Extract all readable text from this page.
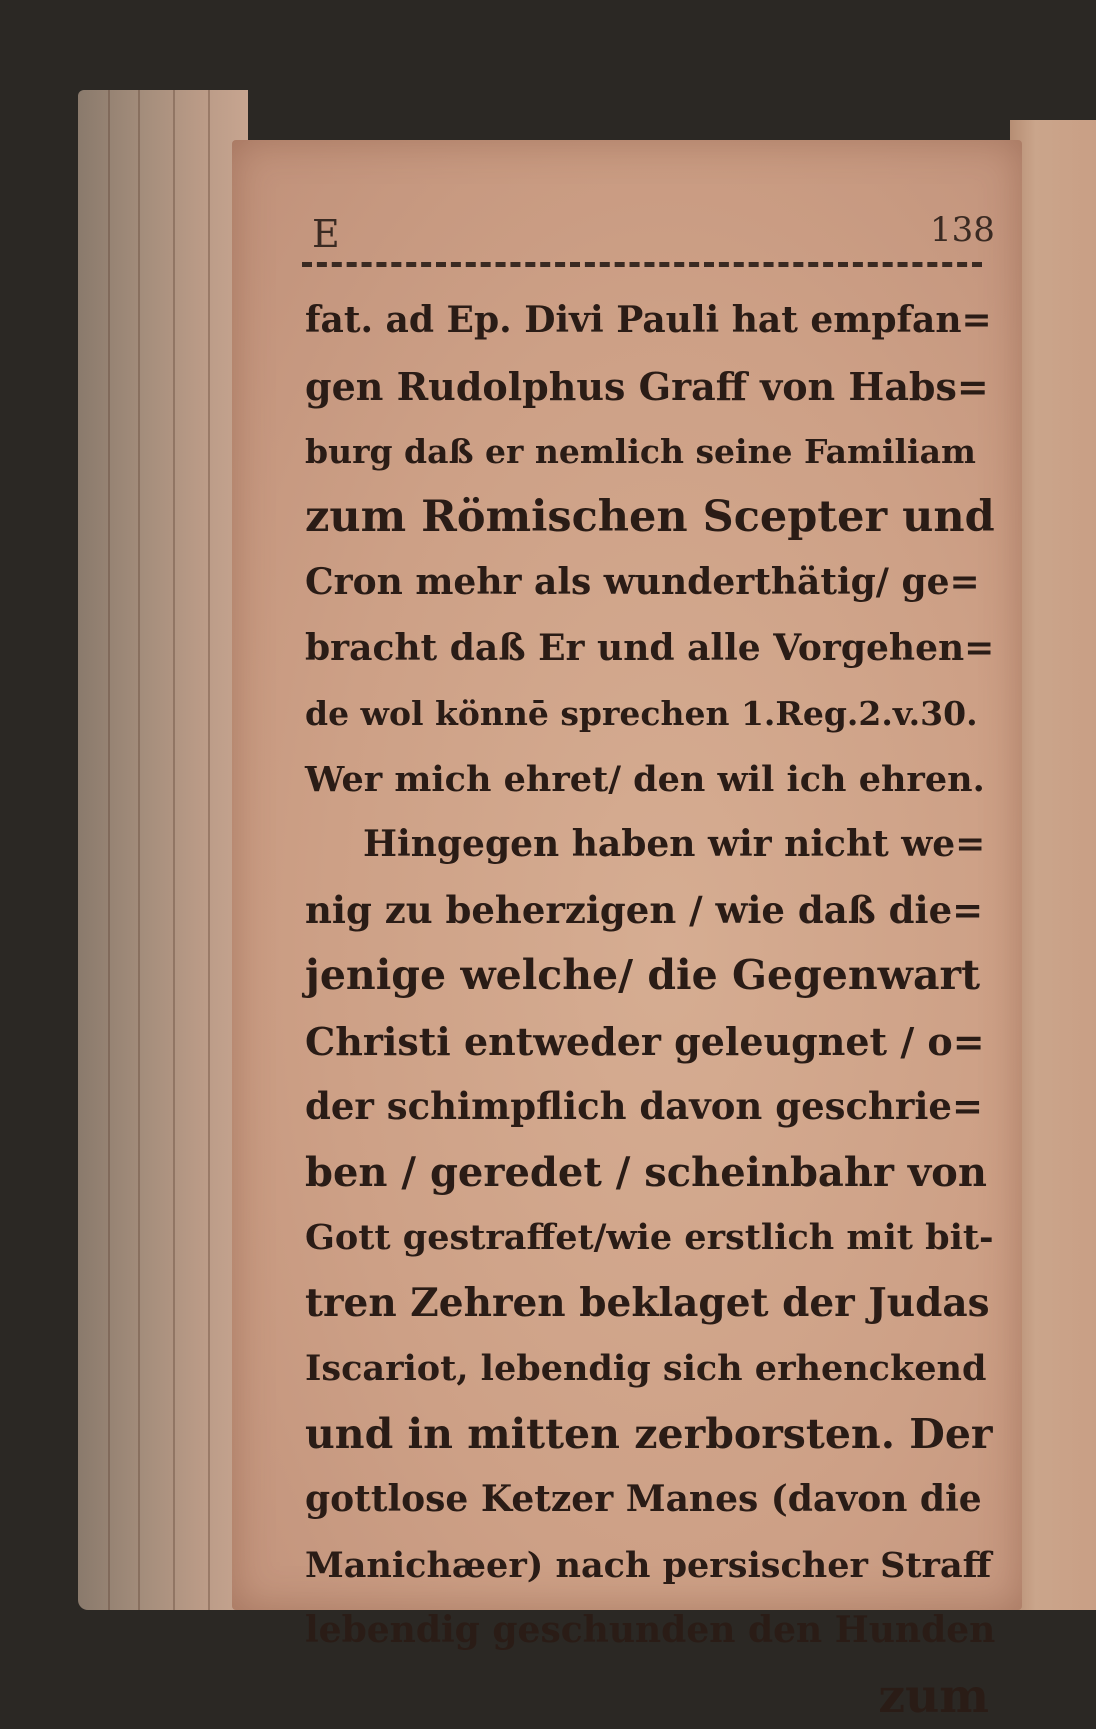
E	138
fat. ad Ep. Divi Pauli hat empfan=
gen Rudolphus Graff von Habs=
burg daß er nemlich seine Familiam
zum Römischen Scepter und
Cron mehr als wunderthätig/ ge=
bracht daß Er und alle Vorgehen=
de wol könnē sprechen 1.Reg.2.v.30.
Wer mich ehret/ den wil ich ehren.
Hingegen haben wir nicht we=
nig zu beherzigen / wie daß die=
jenige welche/ die Gegenwart
Christi entweder geleugnet / o=
der schimpflich davon geschrie=
ben / geredet / scheinbahr von
Gott gestraffet/wie erstlich mit bit-
tren Zehren beklaget der Judas
Iscariot, lebendig sich erhenckend
und in mitten zerborsten. Der
gottlose Ketzer Manes (davon die
Manichæer) nach persischer Straff
lebendig geschunden den Hunden
zum
